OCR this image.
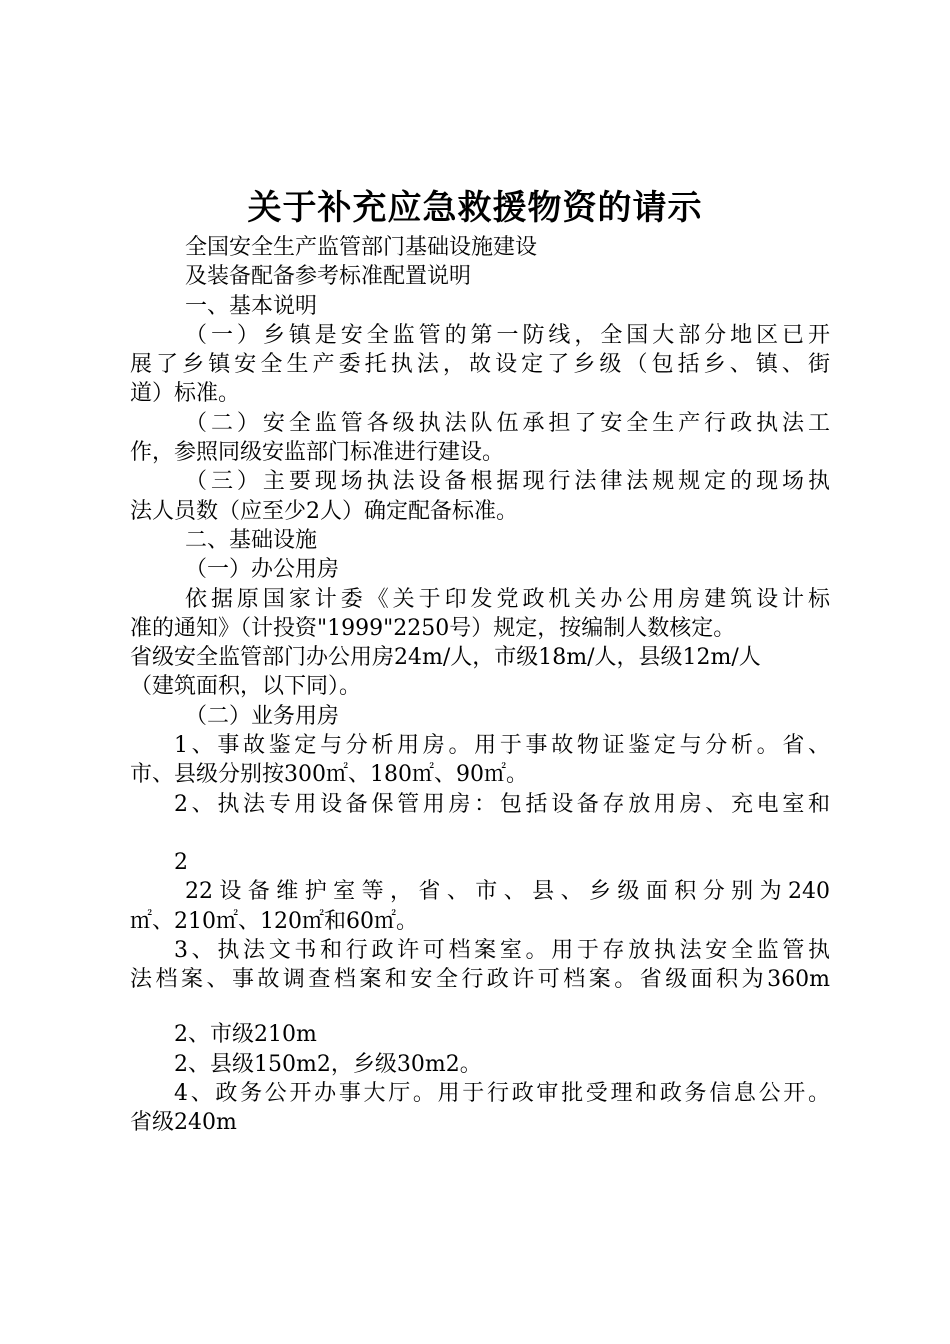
关于补充应急救援物资的请示
全国安全生产监管部门基础设施建设
及装备配备参考标准配置说明
一、基本说明
（一）乡镇是安全监管的第一防线，全国大部分地区已开
展了乡镇安全生产委托执法，故设定了乡级（包括乡、镇、街
道）标准。
（二）安全监管各级执法队伍承担了安全生产行政执法工
作，参照同级安监部门标准进行建设。
（三）主要现场执法设备根据现行法律法规规定的现场执
法人员数（应至少2人）确定配备标准。
二、基础设施
（一）办公用房
依据原国家计委《关于印发党政机关办公用房建筑设计标
准的通知》（计投资"1999"2250号）规定，按编制人数核定。
省级安全监管部门办公用房24m/人，市级18m/人，县级12m/人
（建筑面积，以下同）。
（二）业务用房
1、事故鉴定与分析用房。用于事故物证鉴定与分析。省、
市、县级分别按300㎡、180㎡、90㎡。
2、执法专用设备保管用房：包括设备存放用房、充电室和
2
22设备维护室等，省、市、县、乡级面积分别为240
㎡、210㎡、120㎡和60㎡。
3、执法文书和行政许可档案室。用于存放执法安全监管执
法档案、事故调查档案和安全行政许可档案。省级面积为360m
2、市级210m
2、县级150m2，乡级30m2。
4、政务公开办事大厅。用于行政审批受理和政务信息公开。
省级240m
